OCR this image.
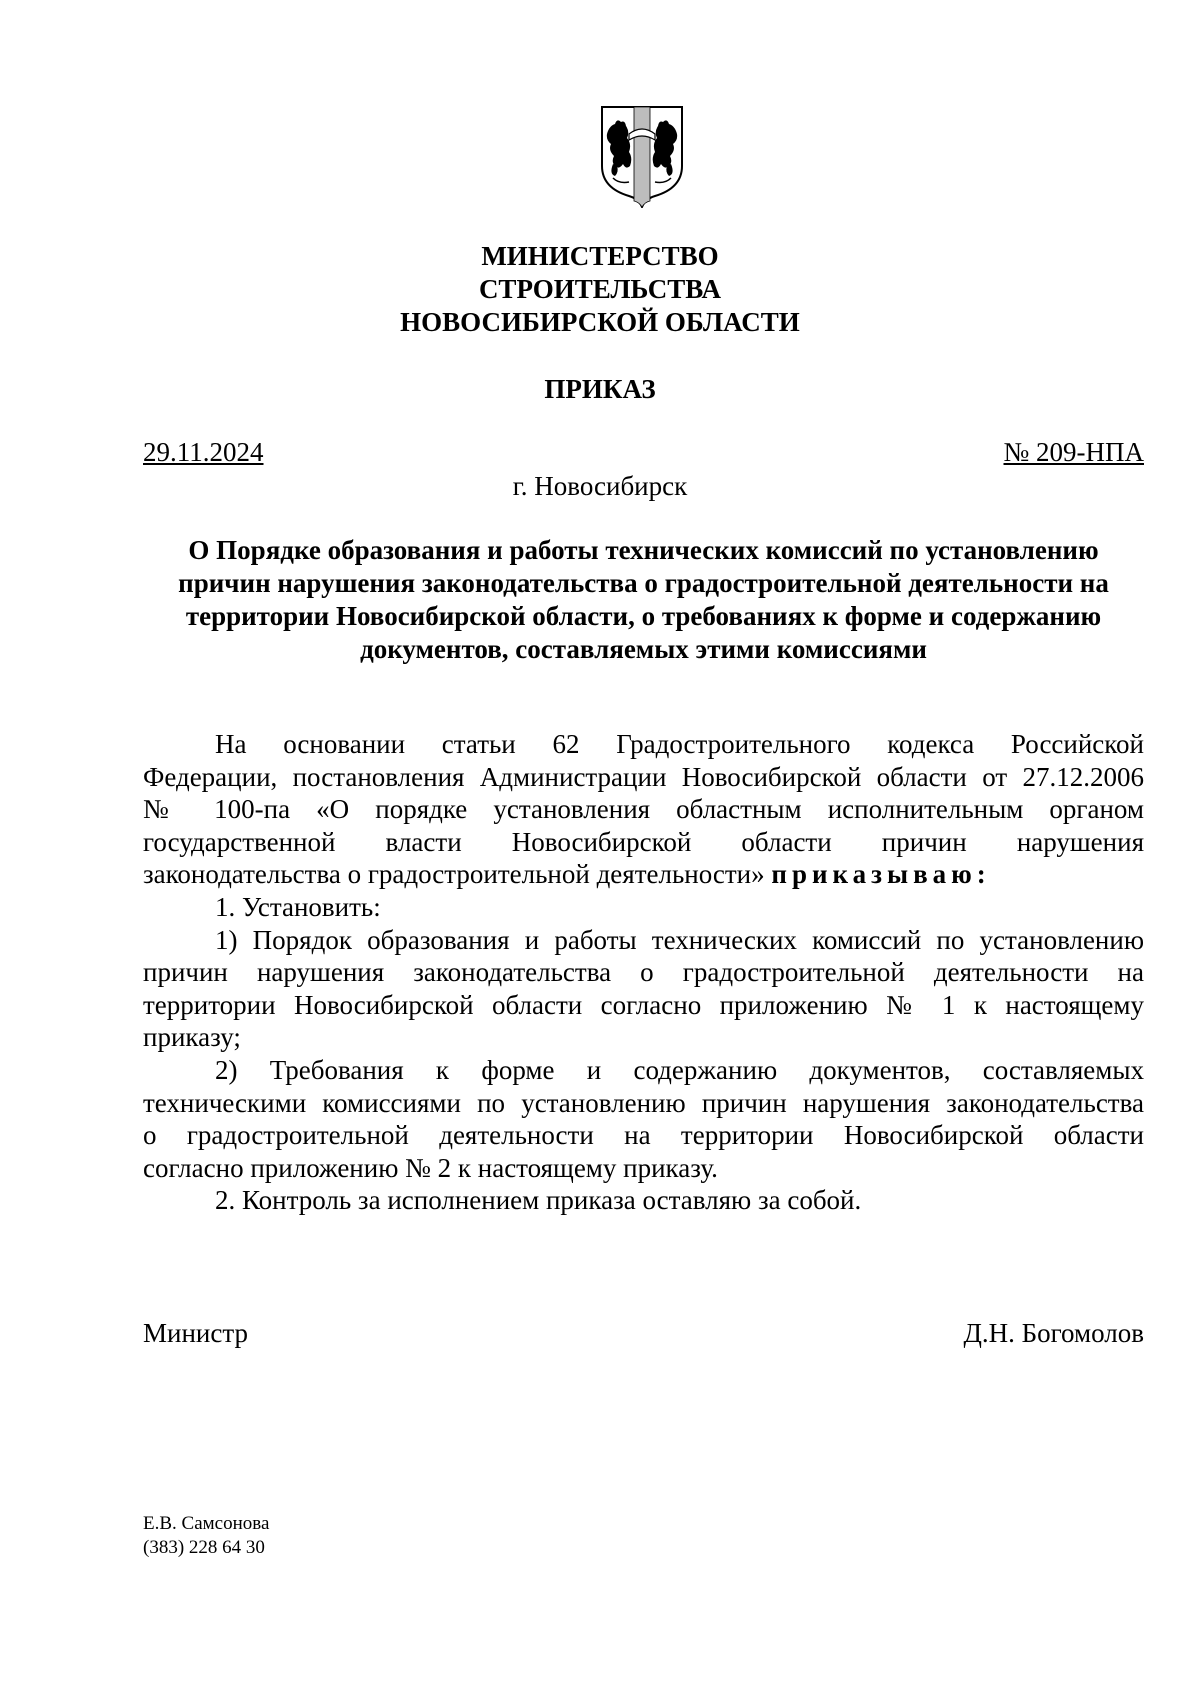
МИНИСТЕРСТВО
СТРОИТЕЛЬСТВА
НОВОСИБИРСКОЙ ОБЛАСТИ
ПРИКАЗ
29.11.2024	№ 209-НПА
г. Новосибирск
О Порядке образования и работы технических комиссий по установлению
причин нарушения законодательства о градостроительной деятельности на
территории Новосибирской области, о требованиях к форме и содержанию
документов, составляемых этими комиссиями
На основании статьи 62 Градостроительного кодекса Российской
Федерации, постановления Администрации Новосибирской области от 27.12.2006
№ 100-па «О порядке установления областным исполнительным органом
государственной власти Новосибирской области причин нарушения
законодательства о градостроительной деятельности» приказываю:
1. Установить:
1) Порядок образования и работы технических комиссий по установлению
причин нарушения законодательства о градостроительной деятельности на
территории Новосибирской области согласно приложению № 1 к настоящему
приказу;
2) Требования к форме и содержанию документов, составляемых
техническими комиссиями по установлению причин нарушения законодательства
о градостроительной деятельности на территории Новосибирской области
согласно приложению № 2 к настоящему приказу.
2. Контроль за исполнением приказа оставляю за собой.
Министр	Д.Н. Богомолов
Е.В. Самсонова
(383) 228 64 30
